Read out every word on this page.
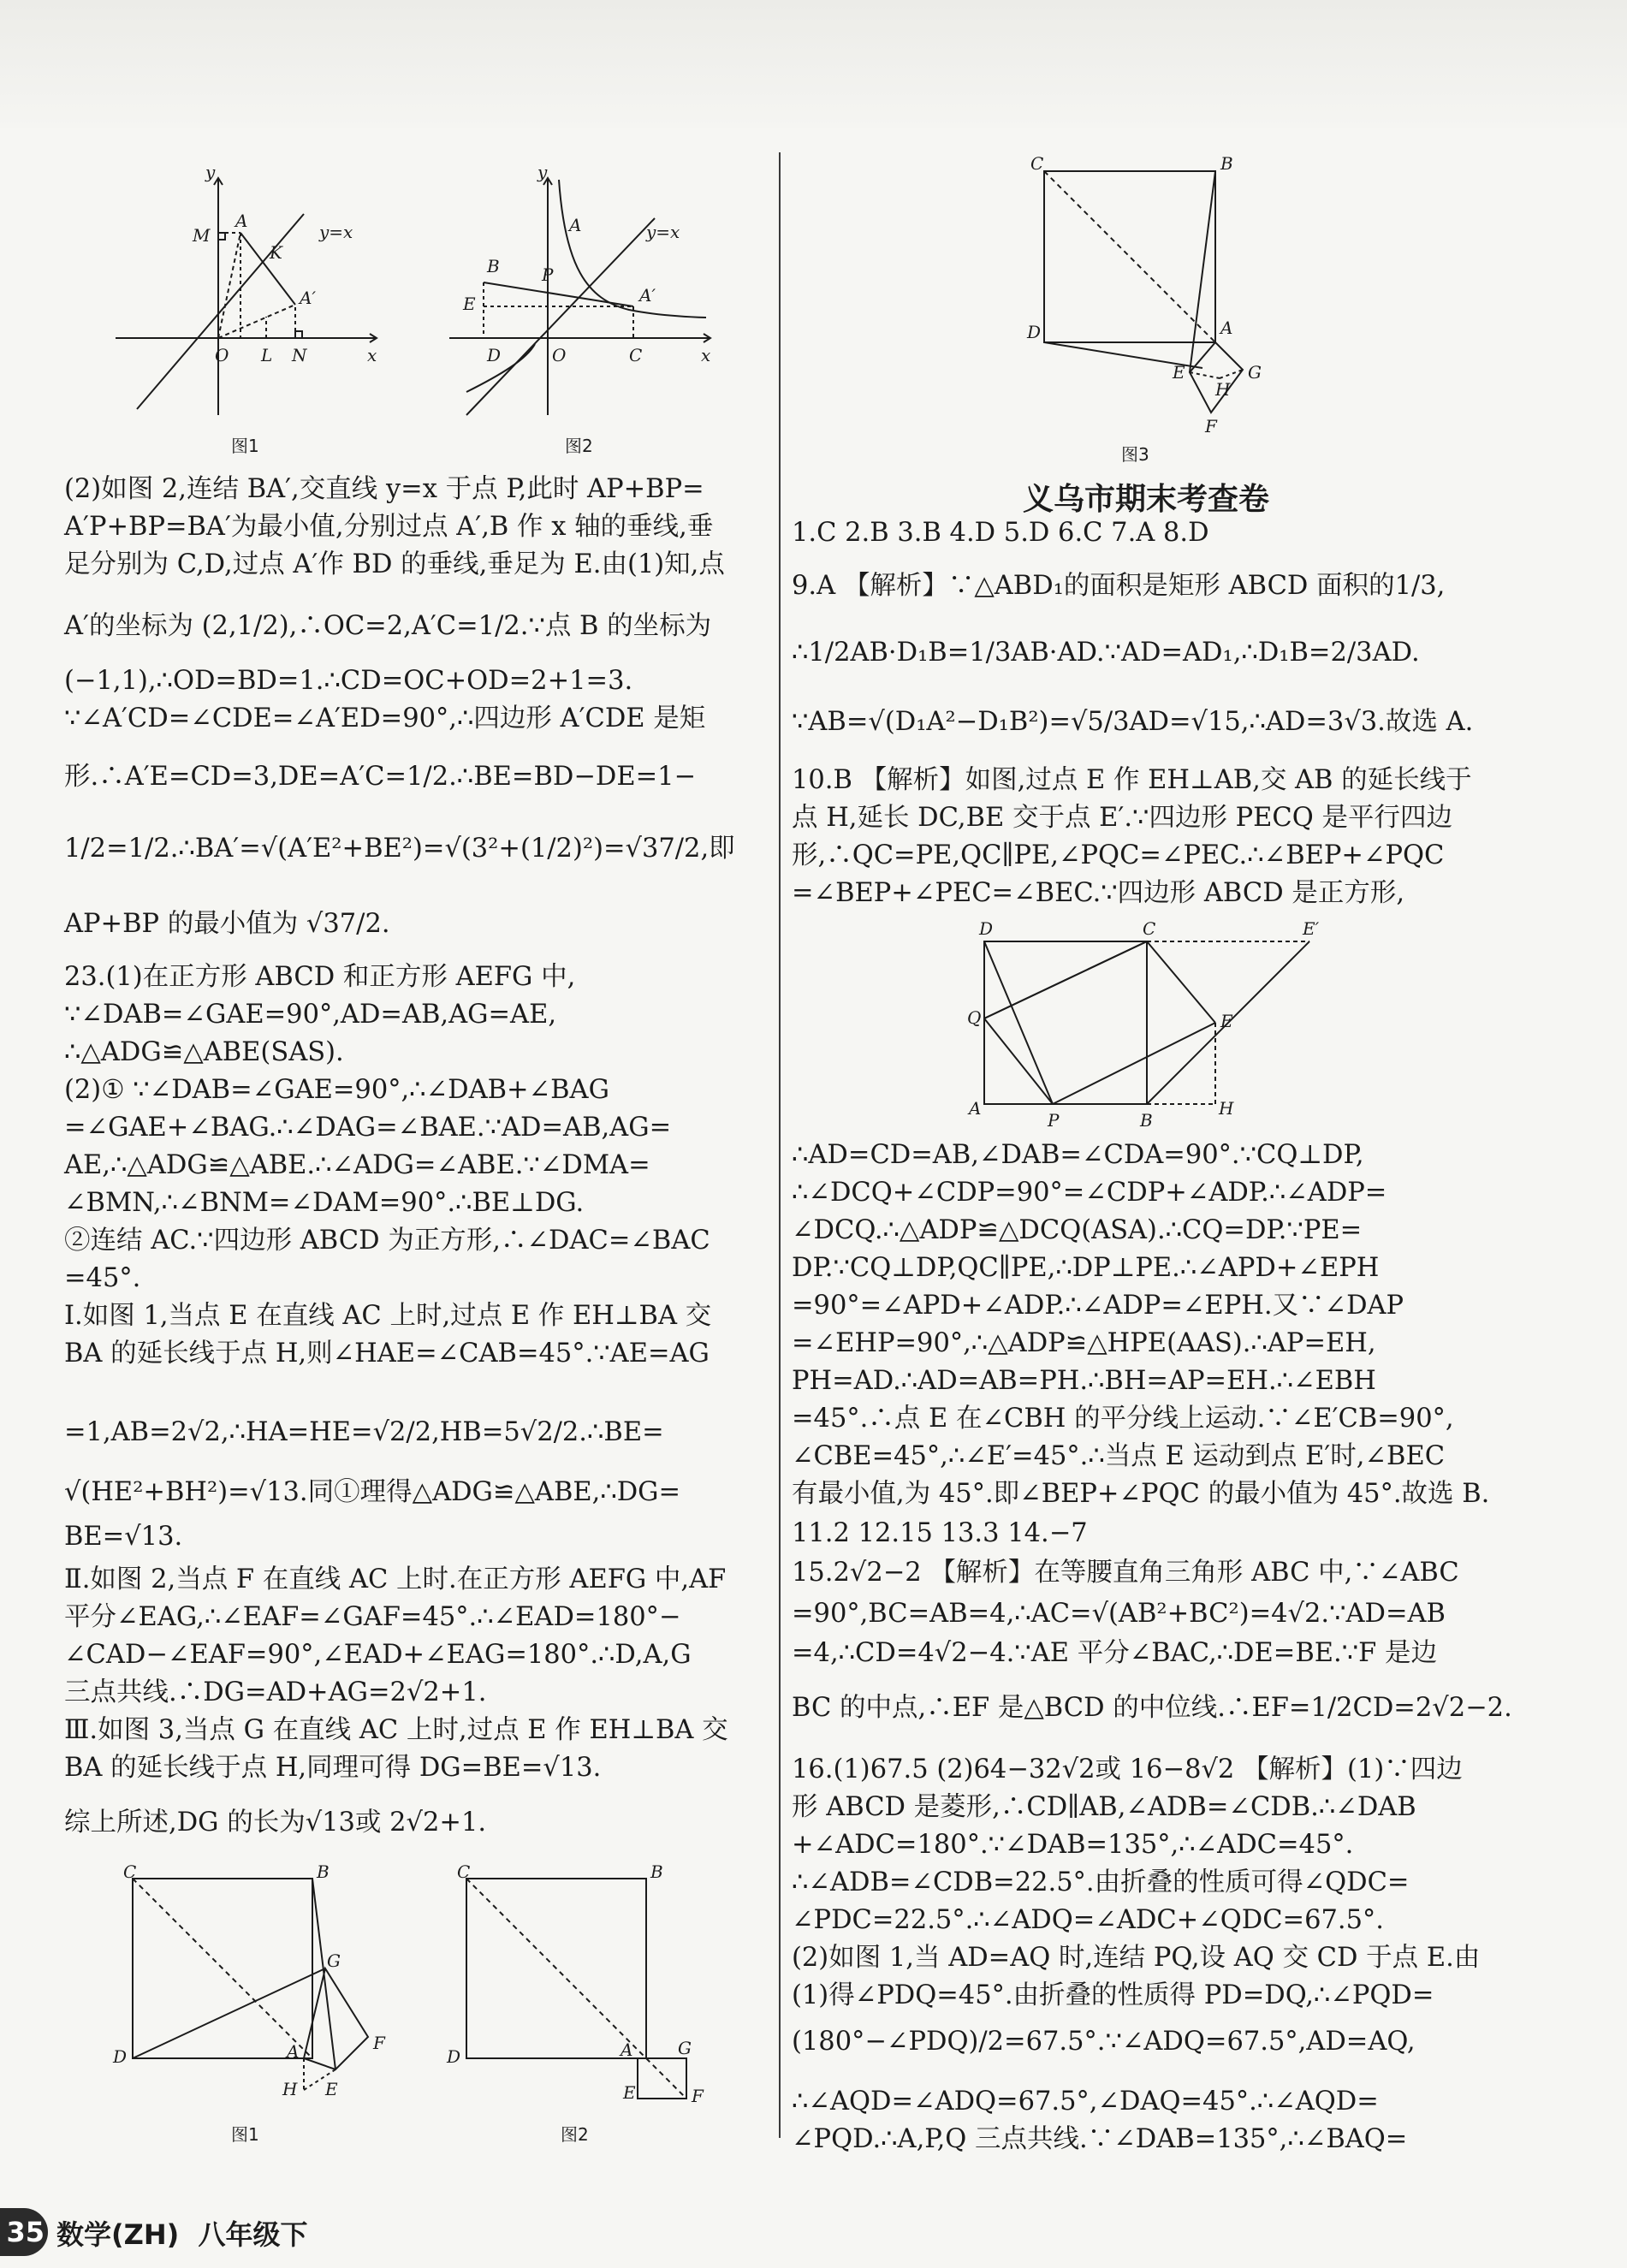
y
M
A
K
y=x
A′
O L N	x
图1
y
A	y=x
B P
E	A′
D	O	C	x
图2
(2)如图 2,连结 BA′,交直线 y=x 于点 P,此时 AP+BP=
A′P+BP=BA′为最小值,分别过点 A′,B 作 x 轴的垂线,垂
足分别为 C,D,过点 A′作 BD 的垂线,垂足为 E.由(1)知,点
A′的坐标为 (2,1/2),∴OC=2,A′C=1/2.∵点 B 的坐标为
(−1,1),∴OD=BD=1.∴CD=OC+OD=2+1=3.
∵∠A′CD=∠CDE=∠A′ED=90°,∴四边形 A′CDE 是矩
形.∴A′E=CD=3,DE=A′C=1/2.∴BE=BD−DE=1−
1/2=1/2.∴BA′=√(A′E²+BE²)=√(3²+(1/2)²)=√37/2,即
AP+BP 的最小值为 √37/2.
23.(1)在正方形 ABCD 和正方形 AEFG 中,
∵∠DAB=∠GAE=90°,AD=AB,AG=AE,
∴△ADG≌△ABE(SAS).
(2)① ∵∠DAB=∠GAE=90°,∴∠DAB+∠BAG
=∠GAE+∠BAG.∴∠DAG=∠BAE.∵AD=AB,AG=
AE,∴△ADG≌△ABE.∴∠ADG=∠ABE.∵∠DMA=
∠BMN,∴∠BNM=∠DAM=90°.∴BE⊥DG.
②连结 AC.∵四边形 ABCD 为正方形,∴∠DAC=∠BAC
=45°.
Ⅰ.如图 1,当点 E 在直线 AC 上时,过点 E 作 EH⊥BA 交
BA 的延长线于点 H,则∠HAE=∠CAB=45°.∵AE=AG
=1,AB=2√2,∴HA=HE=√2/2,HB=5√2/2.∴BE=
√(HE²+BH²)=√13.同①理得△ADG≌△ABE,∴DG=
BE=√13.
Ⅱ.如图 2,当点 F 在直线 AC 上时.在正方形 AEFG 中,AF
平分∠EAG,∴∠EAF=∠GAF=45°.∴∠EAD=180°−
∠CAD−∠EAF=90°,∠EAD+∠EAG=180°.∴D,A,G
三点共线.∴DG=AD+AG=2√2+1.
Ⅲ.如图 3,当点 G 在直线 AC 上时,过点 E 作 EH⊥BA 交
BA 的延长线于点 H,同理可得 DG=BE=√13.
综上所述,DG 的长为√13或 2√2+1.
C	B
G
D	A	F
H E
图1
C	B
D	A	G
E	F
图2
C	B
D	A
E
H
G
F
图3
义乌市期末考查卷
1.C 2.B 3.B 4.D 5.D 6.C 7.A 8.D
9.A 【解析】∵△ABD₁的面积是矩形 ABCD 面积的1/3,
∴1/2AB·D₁B=1/3AB·AD.∵AD=AD₁,∴D₁B=2/3AD.
∵AB=√(D₁A²−D₁B²)=√5/3AD=√15,∴AD=3√3.故选 A.
10.B 【解析】如图,过点 E 作 EH⊥AB,交 AB 的延长线于
点 H,延长 DC,BE 交于点 E′.∵四边形 PECQ 是平行四边
形,∴QC=PE,QC∥PE,∠PQC=∠PEC.∴∠BEP+∠PQC
=∠BEP+∠PEC=∠BEC.∵四边形 ABCD 是正方形,
∴AD=CD=AB,∠DAB=∠CDA=90°.∵CQ⊥DP,
∴∠DCQ+∠CDP=90°=∠CDP+∠ADP.∴∠ADP=
∠DCQ.∴△ADP≌△DCQ(ASA).∴CQ=DP.∵PE=
DP.∵CQ⊥DP,QC∥PE,∴DP⊥PE.∴∠APD+∠EPH
=90°=∠APD+∠ADP.∴∠ADP=∠EPH.又∵∠DAP
=∠EHP=90°,∴△ADP≌△HPE(AAS).∴AP=EH,
PH=AD.∴AD=AB=PH.∴BH=AP=EH.∴∠EBH
=45°.∴点 E 在∠CBH 的平分线上运动.∵∠E′CB=90°,
∠CBE=45°,∴∠E′=45°.∴当点 E 运动到点 E′时,∠BEC
有最小值,为 45°.即∠BEP+∠PQC 的最小值为 45°.故选 B.
11.2 12.15 13.3 14.−7
15.2√2−2 【解析】在等腰直角三角形 ABC 中,∵∠ABC
=90°,BC=AB=4,∴AC=√(AB²+BC²)=4√2.∵AD=AB
=4,∴CD=4√2−4.∵AE 平分∠BAC,∴DE=BE.∵F 是边
BC 的中点,∴EF 是△BCD 的中位线.∴EF=1/2CD=2√2−2.
16.(1)67.5 (2)64−32√2或 16−8√2 【解析】(1)∵四边
形 ABCD 是菱形,∴CD∥AB,∠ADB=∠CDB.∴∠DAB
+∠ADC=180°.∵∠DAB=135°,∴∠ADC=45°.
∴∠ADB=∠CDB=22.5°.由折叠的性质可得∠QDC=
∠PDC=22.5°.∴∠ADQ=∠ADC+∠QDC=67.5°.
(2)如图 1,当 AD=AQ 时,连结 PQ,设 AQ 交 CD 于点 E.由
(1)得∠PDQ=45°.由折叠的性质得 PD=DQ,∴∠PQD=
(180°−∠PDQ)/2=67.5°.∵∠ADQ=67.5°,AD=AQ,
∴∠AQD=∠ADQ=67.5°,∠DAQ=45°.∴∠AQD=
∠PQD.∴A,P,Q 三点共线.∵∠DAB=135°,∴∠BAQ=
D	C	E′
Q	E
A
P	B
H
35 数学(ZH) 八年级下
